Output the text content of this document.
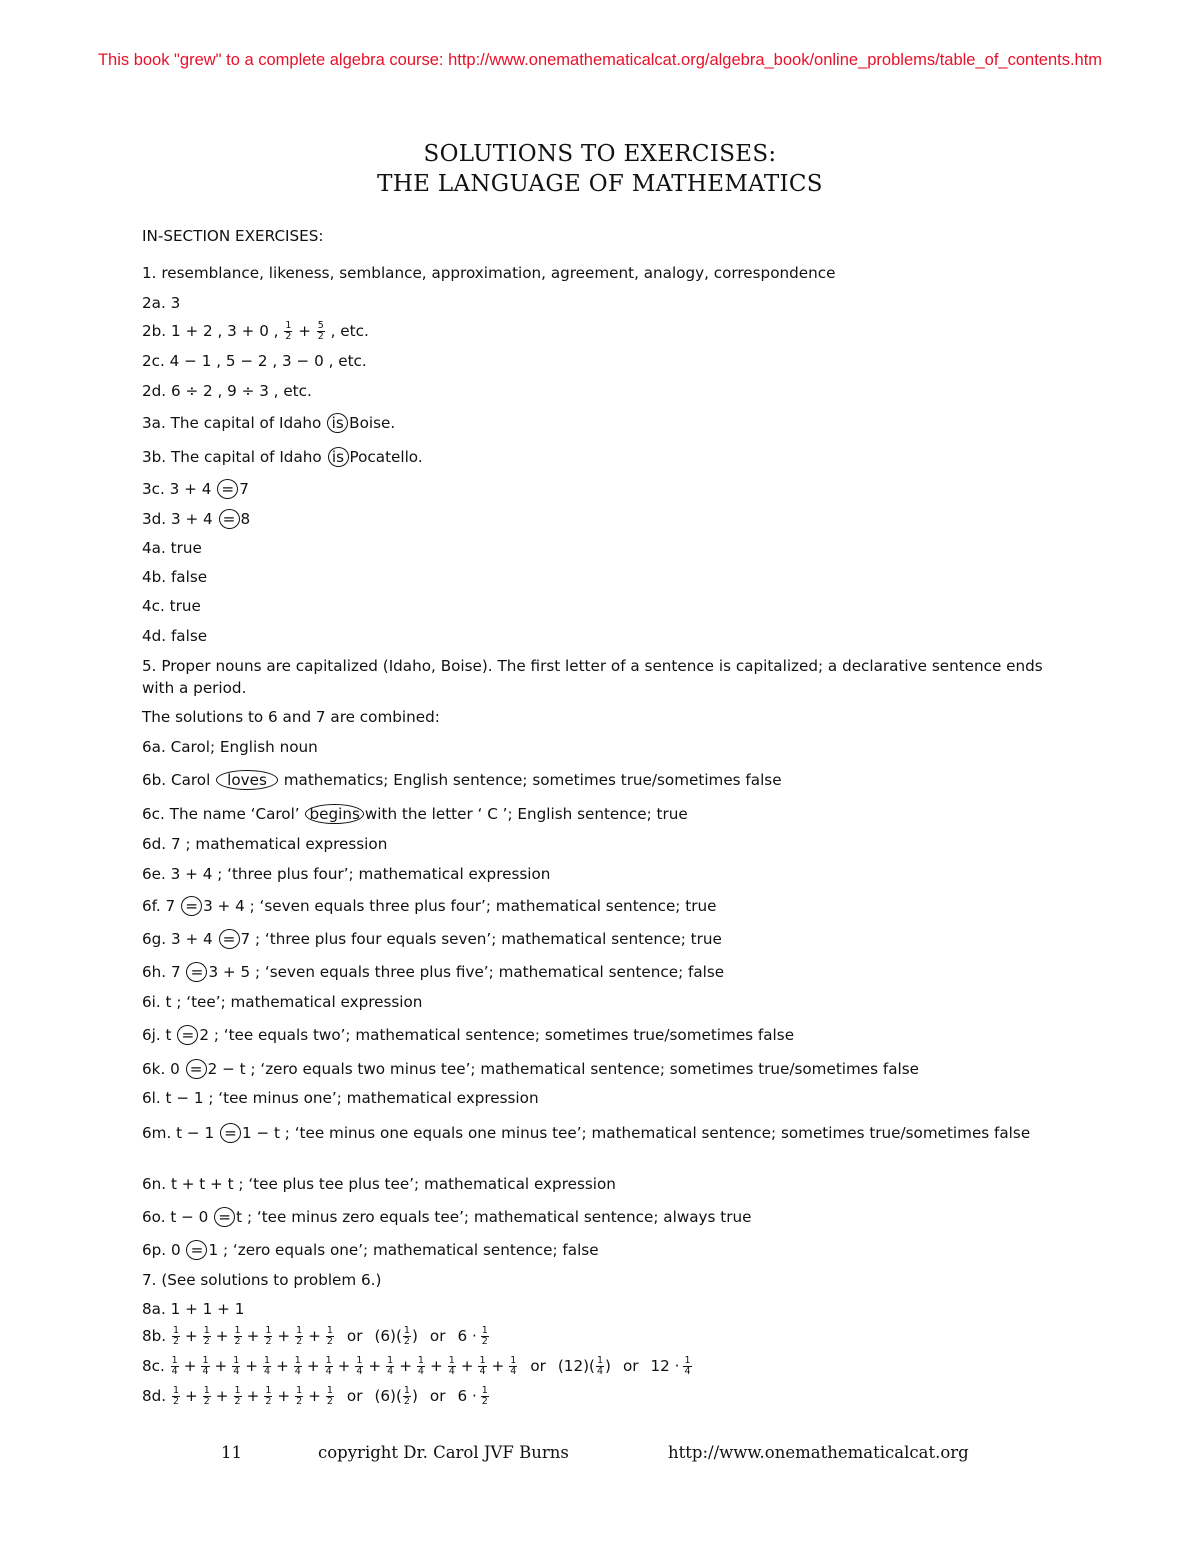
This book "grew" to a complete algebra course: http://www.onemathematicalcat.org/algebra_book/online_problems/table_of_contents.htm
SOLUTIONS TO EXERCISES:
THE LANGUAGE OF MATHEMATICS
IN-SECTION EXERCISES:
1. resemblance, likeness, semblance, approximation, agreement, analogy, correspondence
2a. 3
2b. 1 + 2 , 3 + 0 , $\frac{1}{2} + \frac{5}{2}$ , etc.
2c. 4 − 1 , 5 − 2 , 3 − 0 , etc.
2d. 6 ÷ 2 , 9 ÷ 3 , etc.
3a. The capital of Idaho is Boise.
3b. The capital of Idaho is Pocatello.
3c. 3 + 4 = 7
3d. 3 + 4 = 8
4a. true
4b. false
4c. true
4d. false
5. Proper nouns are capitalized (Idaho, Boise). The first letter of a sentence is capitalized; a declarative sentence ends with a period.
The solutions to 6 and 7 are combined:
6a. Carol; English noun
6b. Carol loves mathematics; English sentence; sometimes true/sometimes false
6c. The name ‘Carol’ begins with the letter ‘ C ’; English sentence; true
6d. 7 ; mathematical expression
6e. 3 + 4 ; ‘three plus four’; mathematical expression
6f. 7 = 3 + 4 ; ‘seven equals three plus four’; mathematical sentence; true
6g. 3 + 4 = 7 ; ‘three plus four equals seven’; mathematical sentence; true
6h. 7 = 3 + 5 ; ‘seven equals three plus five’; mathematical sentence; false
6i. t ; ‘tee’; mathematical expression
6j. t = 2 ; ‘tee equals two’; mathematical sentence; sometimes true/sometimes false
6k. 0 = 2 − t ; ‘zero equals two minus tee’; mathematical sentence; sometimes true/sometimes false
6l. t − 1 ; ‘tee minus one’; mathematical expression
6m. t − 1 = 1 − t ; ‘tee minus one equals one minus tee’; mathematical sentence; sometimes true/sometimes false
6n. t + t + t ; ‘tee plus tee plus tee’; mathematical expression
6o. t − 0 = t ; ‘tee minus zero equals tee’; mathematical sentence; always true
6p. 0 = 1 ; ‘zero equals one’; mathematical sentence; false
7. (See solutions to problem 6.)
8a. 1 + 1 + 1
8b. $\frac{1}{2} + \frac{1}{2} + \frac{1}{2} + \frac{1}{2} + \frac{1}{2} + \frac{1}{2}$ or $(6)( \frac{1}{2}$ ) or $6 \cdot \frac{1}{2}$
8c. $\frac{1}{4} + \frac{1}{4} + \frac{1}{4} + \frac{1}{4} + \frac{1}{4} + \frac{1}{4} + \frac{1}{4} + \frac{1}{4} + \frac{1}{4} + \frac{1}{4} + \frac{1}{4} + \frac{1}{4}$ or $(12)( \frac{1}{4}$ ) or $12 \cdot \frac{1}{4}$
8d. $\frac{1}{2} + \frac{1}{2} + \frac{1}{2} + \frac{1}{2} + \frac{1}{2} + \frac{1}{2}$ or $(6)( \frac{1}{2}$ ) or $6 \cdot \frac{1}{2}$
11	copyright Dr. Carol JVF Burns	http://www.onemathematicalcat.org
